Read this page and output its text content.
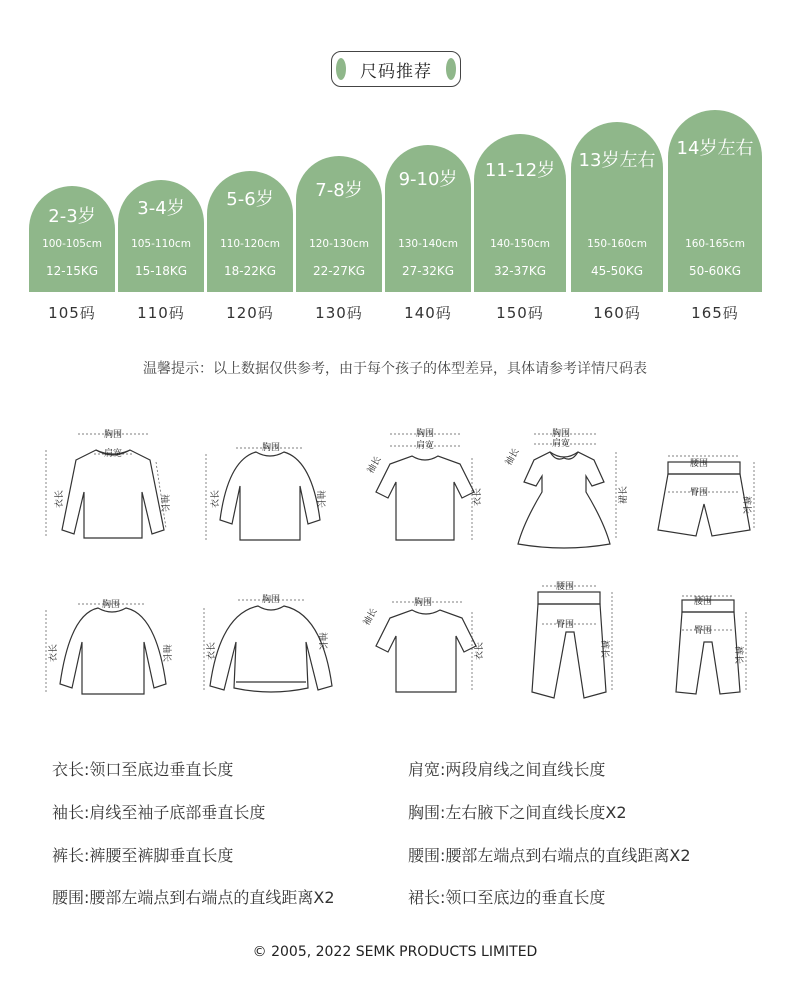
尺码推荐
2-3岁
100-105cm
12-15KG
3-4岁
105-110cm
15-18KG
5-6岁
110-120cm
18-22KG
7-8岁
120-130cm
22-27KG
9-10岁
130-140cm
27-32KG
11-12岁
140-150cm
32-37KG
13岁左右
150-160cm
45-50KG
14岁左右
160-165cm
50-60KG
105码	110码	120码	130码	140码	150码	160码	165码
温馨提示：以上数据仅供参考，由于每个孩子的体型差异，具体请参考详情尺码表
胸围
肩宽
衣长	袖长
胸围
衣长	袖长
胸围
肩宽
衣长
袖长
胸围
肩宽
裙长
袖长	腰围
臀围
裤长
胸围
衣长	袖长
胸围
衣长
袖长
胸围
衣长
袖长
腰围
臀围
裤长
腰围
臀围
裤长
衣长:领口至底边垂直长度
袖长:肩线至袖子底部垂直长度
裤长:裤腰至裤脚垂直长度
腰围:腰部左端点到右端点的直线距离X2
肩宽:两段肩线之间直线长度
胸围:左右腋下之间直线长度X2
腰围:腰部左端点到右端点的直线距离X2
裙长:领口至底边的垂直长度
© 2005, 2022 SEMK PRODUCTS LIMITED
